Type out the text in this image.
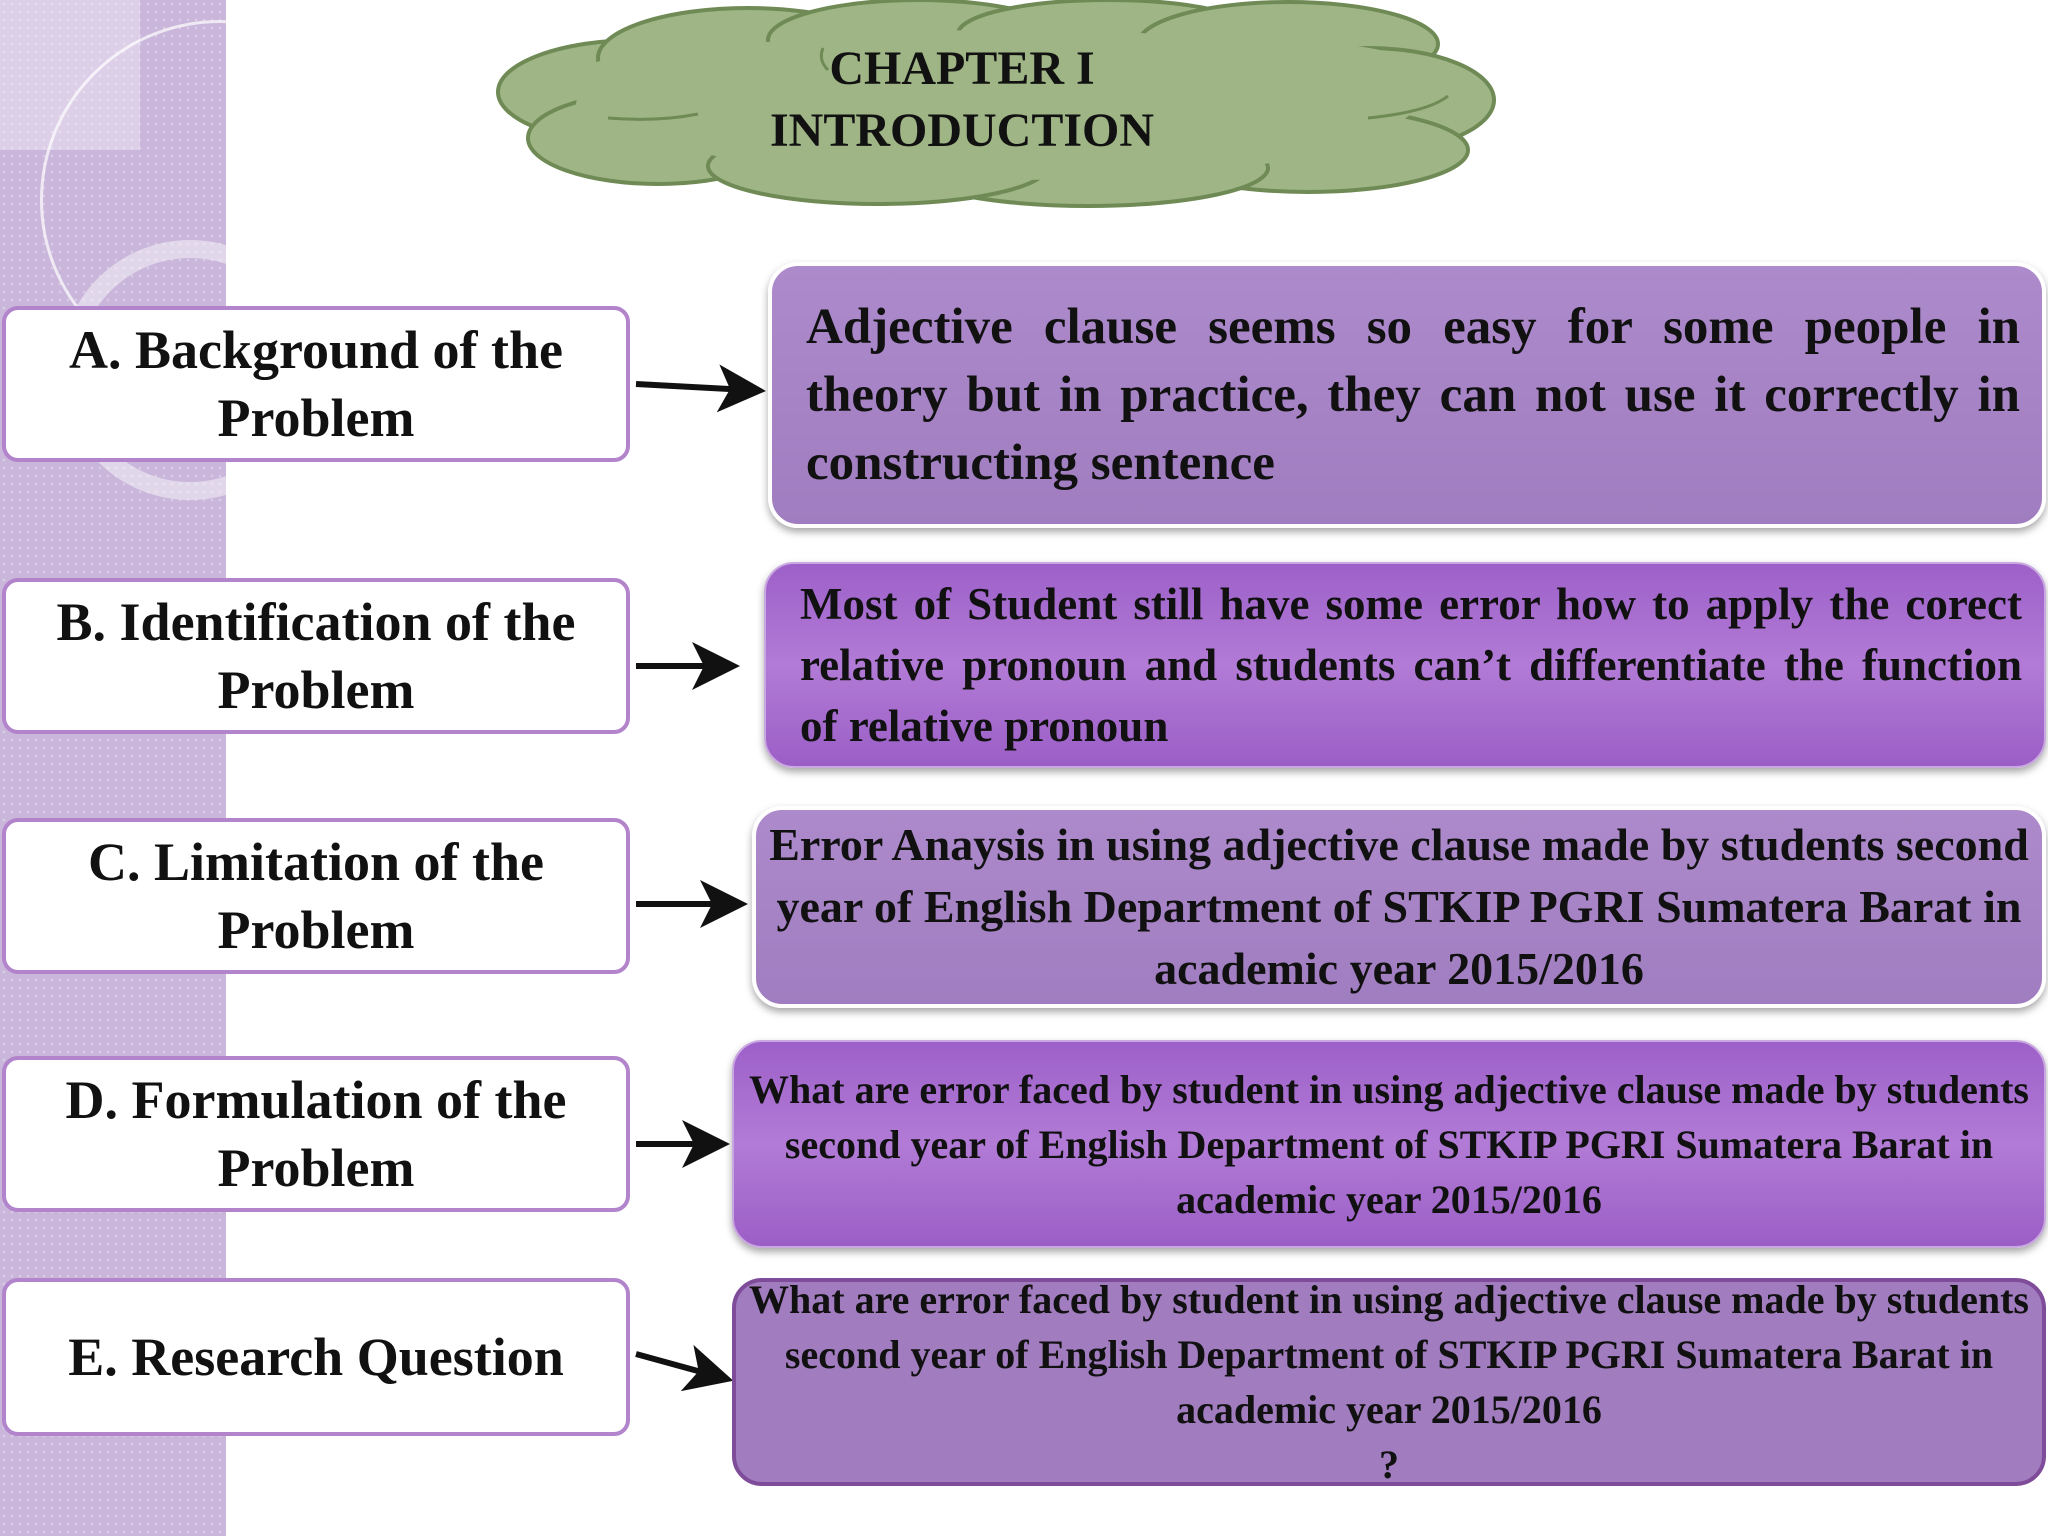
CHAPTER I
INTRODUCTION
A. Background of the
Problem
B. Identification of the
Problem
C. Limitation of the
Problem
D. Formulation of the
Problem
E. Research Question

Adjective clause seems so easy for some people in theory but in practice, they can not use it correctly in constructing sentence

Most of Student still have some error how to apply the corect relative pronoun and students can’t differentiate the function of relative pronoun

Error Anaysis in using adjective clause made by students second year of English Department of STKIP PGRI Sumatera Barat in academic year 2015/2016

What are error faced by student in using adjective clause made by students second year of English Department of STKIP PGRI Sumatera Barat in academic year 2015/2016

What are error faced by student in using adjective clause made by students second year of English Department of STKIP PGRI Sumatera Barat in academic year 2015/2016
?
